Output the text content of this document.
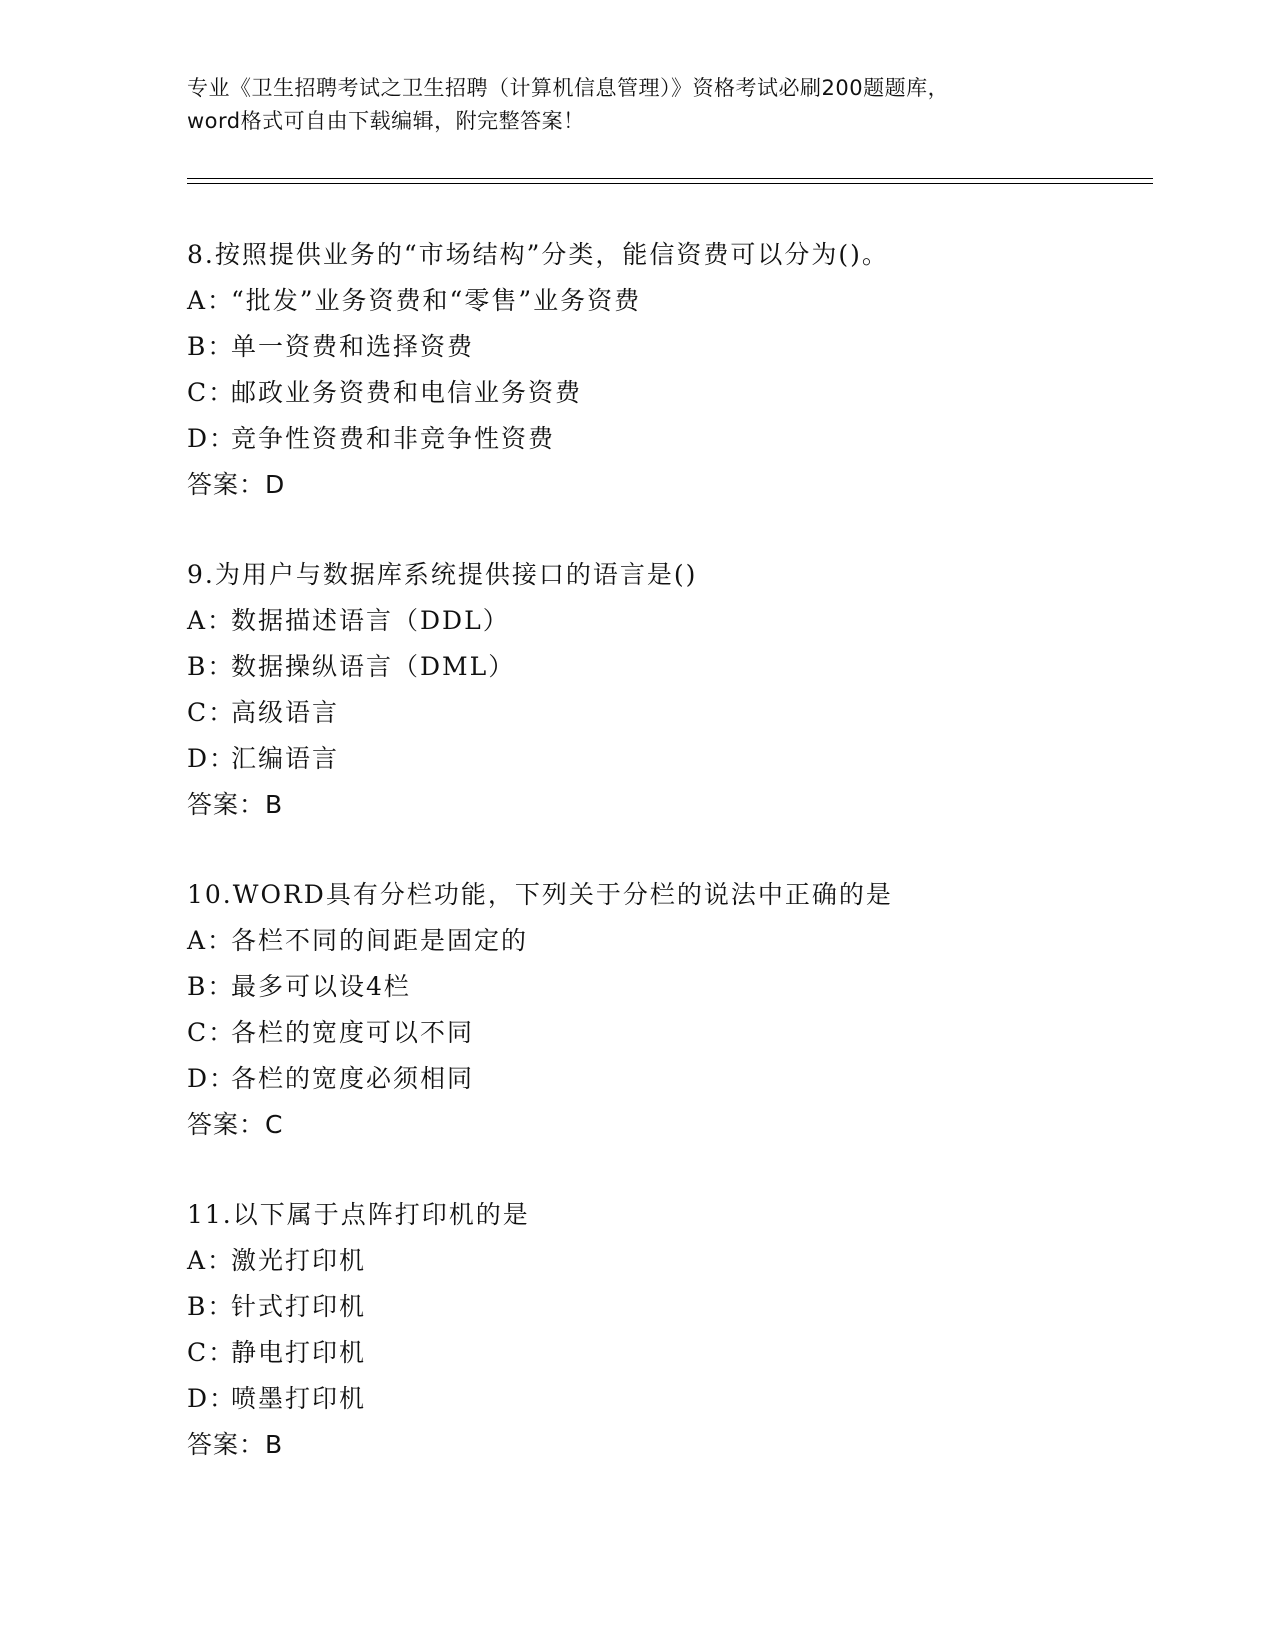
专业《卫生招聘考试之卫生招聘（计算机信息管理）》资格考试必刷200题题库，
word格式可自由下载编辑，附完整答案！
8.按照提供业务的“市场结构”分类，能信资费可以分为()。
A：“批发”业务资费和“零售”业务资费
B：单一资费和选择资费
C：邮政业务资费和电信业务资费
D：竞争性资费和非竞争性资费
答案：D
9.为用户与数据库系统提供接口的语言是()
A：数据描述语言（DDL）
B：数据操纵语言（DML）
C：高级语言
D：汇编语言
答案：B
10.WORD具有分栏功能，下列关于分栏的说法中正确的是
A：各栏不同的间距是固定的
B：最多可以设4栏
C：各栏的宽度可以不同
D：各栏的宽度必须相同
答案：C
11.以下属于点阵打印机的是
A：激光打印机
B：针式打印机
C：静电打印机
D：喷墨打印机
答案：B
